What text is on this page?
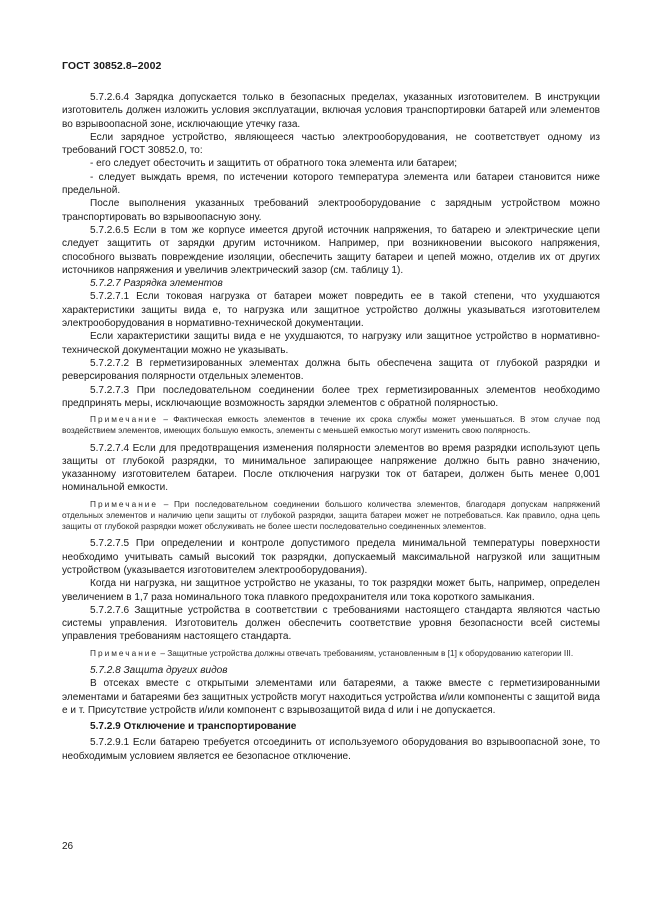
ГОСТ 30852.8–2002

5.7.2.6.4 Зарядка допускается только в безопасных пределах, указанных изготовителем. В инструкции изготовитель должен изложить условия эксплуатации, включая условия транспортировки батарей или элементов во взрывоопасной зоне, исключающие утечку газа.

Если зарядное устройство, являющееся частью электрооборудования, не соответствует одному из требований ГОСТ 30852.0, то:

- его следует обесточить и защитить от обратного тока элемента или батареи;

- следует выждать время, по истечении которого температура элемента или батареи становится ниже предельной.

После выполнения указанных требований электрооборудование с зарядным устройством можно транспортировать во взрывоопасную зону.

5.7.2.6.5 Если в том же корпусе имеется другой источник напряжения, то батарею и электрические цепи следует защитить от зарядки другим источником. Например, при возникновении высокого напряжения, способного вызвать повреждение изоляции, обеспечить защиту батареи и цепей можно, отделив их от других источников напряжения и увеличив электрический зазор (см. таблицу 1).

5.7.2.7 Разрядка элементов

5.7.2.7.1 Если токовая нагрузка от батареи может повредить ее в такой степени, что ухудшаются характеристики защиты вида е, то нагрузка или защитное устройство должны указываться изготовителем электрооборудования в нормативно-технической документации.

Если характеристики защиты вида е не ухудшаются, то нагрузку или защитное устройство в нормативно-технической документации можно не указывать.

5.7.2.7.2 В герметизированных элементах должна быть обеспечена защита от глубокой разрядки и реверсирования полярности отдельных элементов.

5.7.2.7.3 При последовательном соединении более трех герметизированных элементов необходимо предпринять меры, исключающие возможность зарядки элементов с обратной полярностью.

Примечание – Фактическая емкость элементов в течение их срока службы может уменьшаться. В этом случае под воздействием элементов, имеющих большую емкость, элементы с меньшей емкостью могут изменить свою полярность.

5.7.2.7.4 Если для предотвращения изменения полярности элементов во время разрядки используют цепь защиты от глубокой разрядки, то минимальное запирающее напряжение должно быть равно значению, указанному изготовителем батареи. После отключения нагрузки ток от батареи, должен быть менее 0,001 номинальной емкости.

Примечание – При последовательном соединении большого количества элементов, благодаря допускам напряжений отдельных элементов и наличию цепи защиты от глубокой разрядки, защита батареи может не потребоваться. Как правило, одна цепь защиты от глубокой разрядки может обслуживать не более шести последовательно соединенных элементов.

5.7.2.7.5 При определении и контроле допустимого предела минимальной температуры поверхности необходимо учитывать самый высокий ток разрядки, допускаемый максимальной нагрузкой или защитным устройством (указывается изготовителем электрооборудования).

Когда ни нагрузка, ни защитное устройство не указаны, то ток разрядки может быть, например, определен увеличением в 1,7 раза номинального тока плавкого предохранителя или тока короткого замыкания.

5.7.2.7.6 Защитные устройства в соответствии с требованиями настоящего стандарта являются частью системы управления. Изготовитель должен обеспечить соответствие уровня безопасности всей системы управления требованиям настоящего стандарта.

Примечание – Защитные устройства должны отвечать требованиям, установленным в [1] к оборудованию категории III.

5.7.2.8 Защита других видов

В отсеках вместе с открытыми элементами или батареями, а также вместе с герметизированными элементами и батареями без защитных устройств могут находиться устройства и/или компоненты с защитой вида е и т. Присутствие устройств и/или компонент с взрывозащитой вида d или i не допускается.

5.7.2.9 Отключение и транспортирование

5.7.2.9.1 Если батарею требуется отсоединить от используемого оборудования во взрывоопасной зоне, то необходимым условием является ее безопасное отключение.

26
